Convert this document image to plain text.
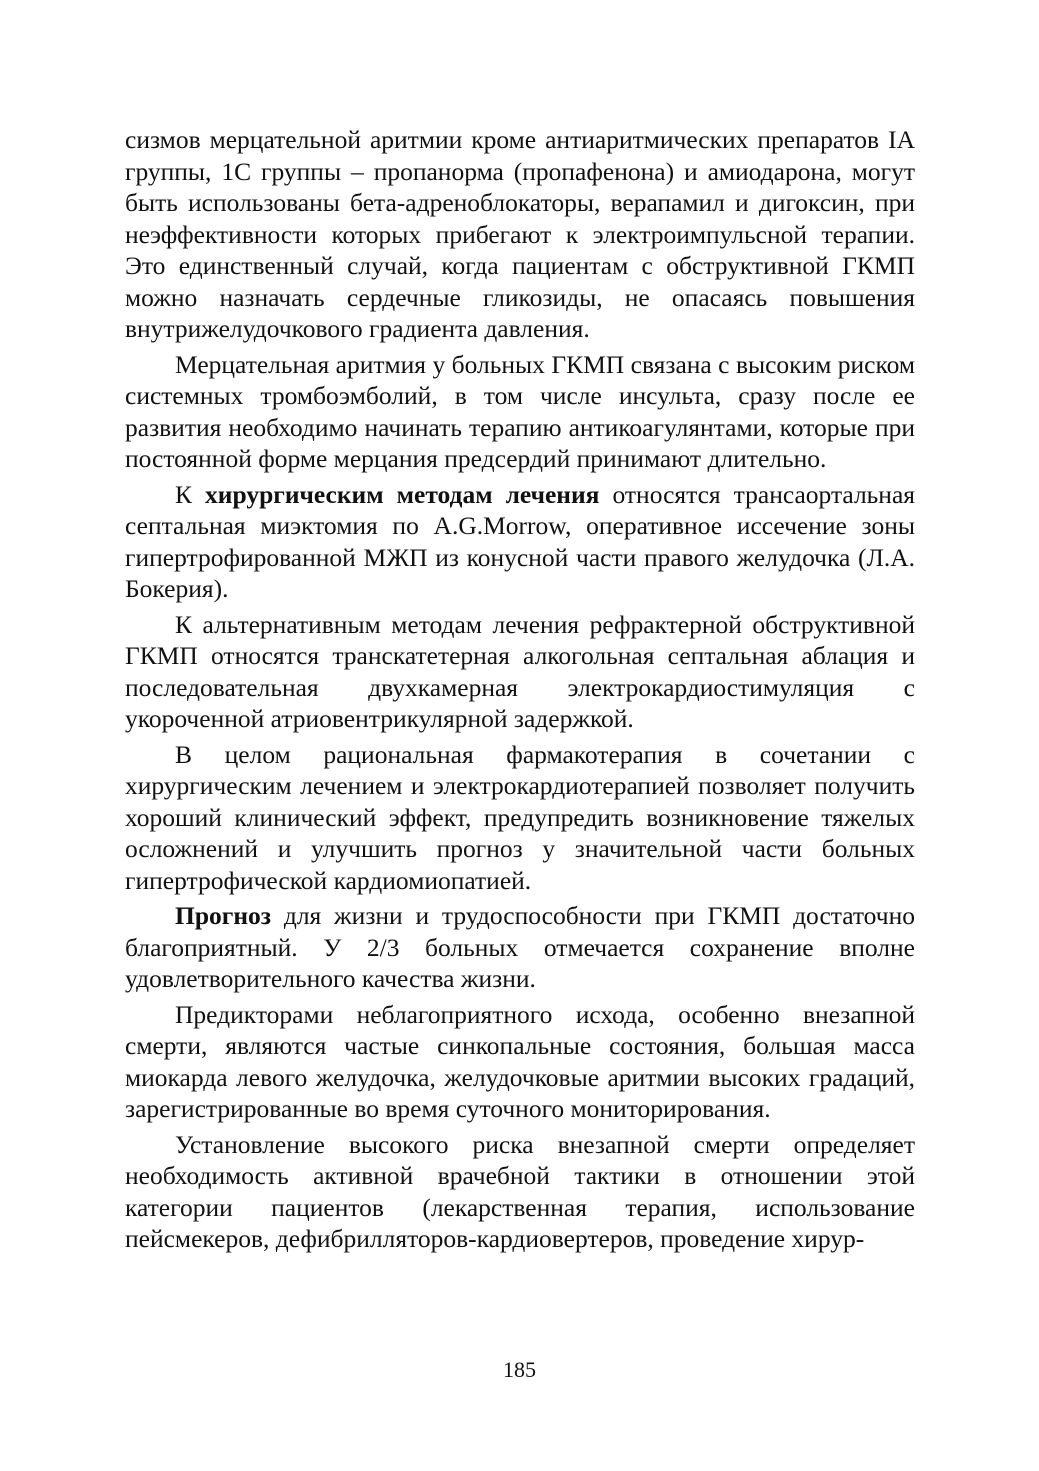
сизмов мерцательной аритмии кроме антиаритмических препаратов IA группы, 1C группы – пропанорма (пропафенона) и амиодарона, могут быть использованы бета-адреноблокаторы, верапамил и дигоксин, при неэффективности которых прибегают к электроимпульсной терапии. Это единственный случай, когда пациентам с обструктивной ГКМП можно назначать сердечные гликозиды, не опасаясь повышения внутрижелудочкового градиента давления.

Мерцательная аритмия у больных ГКМП связана с высоким риском системных тромбоэмболий, в том числе инсульта, сразу после ее развития необходимо начинать терапию антикоагулянтами, которые при постоянной форме мерцания предсердий принимают длительно.

К хирургическим методам лечения относятся трансаортальная септальная миэктомия по A.G.Morrow, оперативное иссечение зоны гипертрофированной МЖП из конусной части правого желудочка (Л.А. Бокерия).

К альтернативным методам лечения рефрактерной обструктивной ГКМП относятся транскатетерная алкогольная септальная аблация и последовательная двухкамерная электрокардиостимуляция с укороченной атриовентрикулярной задержкой.

В целом рациональная фармакотерапия в сочетании с хирургическим лечением и электрокардиотерапией позволяет получить хороший клинический эффект, предупредить возникновение тяжелых осложнений и улучшить прогноз у значительной части больных гипертрофической кардиомиопатией.

Прогноз для жизни и трудоспособности при ГКМП достаточно благоприятный. У 2/3 больных отмечается сохранение вполне удовлетворительного качества жизни.

Предикторами неблагоприятного исхода, особенно внезапной смерти, являются частые синкопальные состояния, большая масса миокарда левого желудочка, желудочковые аритмии высоких градаций, зарегистрированные во время суточного мониторирования.

Установление высокого риска внезапной смерти определяет необходимость активной врачебной тактики в отношении этой категории пациентов (лекарственная терапия, использование пейсмекеров, дефибрилляторов-кардиовертеров, проведение хирур-

185
